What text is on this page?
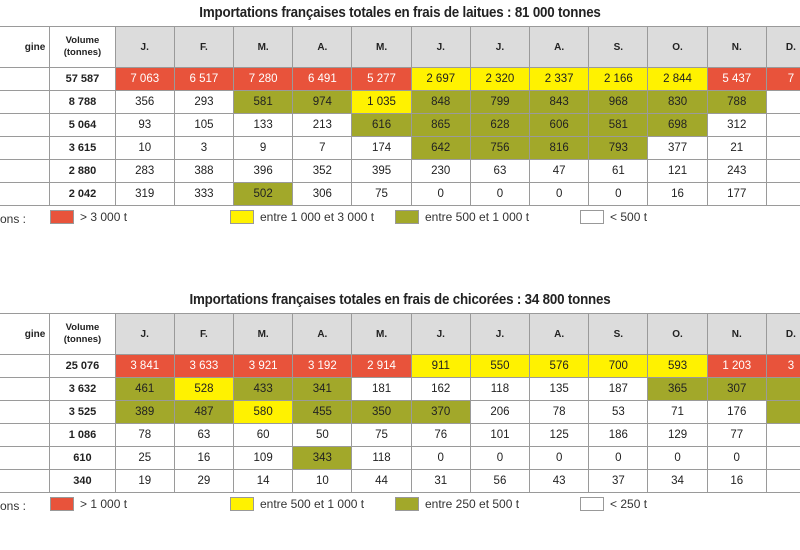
Importations françaises totales en frais de laitues : 81 000 tonnes
gine	Volume
(tonnes)	J.	F.	M.	A.	M.	J.	J.	A.	S.	O.	N.	D.
	57 587	7 063	6 517	7 280	6 491	5 277	2 697	2 320	2 337	2 166	2 844	5 437	7
	8 788	356	293	581	974	1 035	848	799	843	968	830	788	
	5 064	93	105	133	213	616	865	628	606	581	698	312	
	3 615	10	3	9	7	174	642	756	816	793	377	21	
	2 880	283	388	396	352	395	230	63	47	61	121	243	
	2 042	319	333	502	306	75	0	0	0	0	16	177	
ons :	> 3 000 t	entre 1 000 et 3 000 t	entre 500 et 1 000 t	< 500 t
Importations françaises totales en frais de chicorées : 34 800 tonnes
gine	Volume
(tonnes)	J.	F.	M.	A.	M.	J.	J.	A.	S.	O.	N.	D.
	25 076	3 841	3 633	3 921	3 192	2 914	911	550	576	700	593	1 203	3
	3 632	461	528	433	341	181	162	118	135	187	365	307	
	3 525	389	487	580	455	350	370	206	78	53	71	176	
	1 086	78	63	60	50	75	76	101	125	186	129	77	
	610	25	16	109	343	118	0	0	0	0	0	0	
	340	19	29	14	10	44	31	56	43	37	34	16	
ons :	> 1 000 t	entre 500 et 1 000 t	entre 250 et 500 t	< 250 t
